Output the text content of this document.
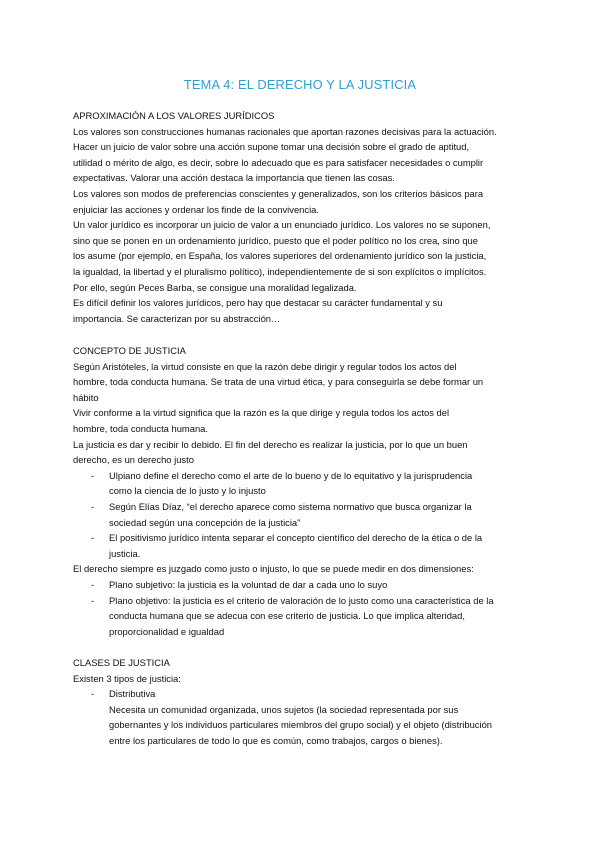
TEMA 4: EL DERECHO Y LA JUSTICIA

APROXIMACIÓN A LOS VALORES JURÍDICOS

Los valores son construcciones humanas racionales que aportan razones decisivas para la actuación.

Hacer un juicio de valor sobre una acción supone tomar una decisión sobre el grado de aptitud,

utilidad o mérito de algo, es decir, sobre lo adecuado que es para satisfacer necesidades o cumplir

expectativas. Valorar una acción destaca la importancia que tienen las cosas.

Los valores son modos de preferencias conscientes y generalizados, son los criterios básicos para

enjuiciar las acciones y ordenar los finde de la convivencia.

Un valor jurídico es incorporar un juicio de valor a un enunciado jurídico. Los valores no se suponen,

sino que se ponen en un ordenamiento jurídico, puesto que el poder político no los crea, sino que

los asume (por ejemplo, en España, los valores superiores del ordenamiento jurídico son la justicia,

la igualdad, la libertad y el pluralismo político), independientemente de si son explícitos o implícitos.

Por ello, según Peces Barba, se consigue una moralidad legalizada.

Es difícil definir los valores jurídicos, pero hay que destacar su carácter fundamental y su

importancia. Se caracterizan por su abstracción…

CONCEPTO DE JUSTICIA

Según Aristóteles, la virtud consiste en que la razón debe dirigir y regular todos los actos del

hombre, toda conducta humana. Se trata de una virtud ética, y para conseguirla se debe formar un

hábito

Vivir conforme a la virtud significa que la razón es la que dirige y regula todos los actos del

hombre, toda conducta humana.

La justicia es dar y recibir lo debido. El fin del derecho es realizar la justicia, por lo que un buen

derecho, es un derecho justo

- Ulpiano define el derecho como el arte de lo bueno y de lo equitativo y la jurisprudencia

como la ciencia de lo justo y lo injusto

- Según Elías Díaz, “el derecho aparece como sistema normativo que busca organizar la

sociedad según una concepción de la justicia”

- El positivismo jurídico intenta separar el concepto científico del derecho de la ética o de la

justicia.

El derecho siempre es juzgado como justo o injusto, lo que se puede medir en dos dimensiones:

- Plano subjetivo: la justicia es la voluntad de dar a cada uno lo suyo

- Plano objetivo: la justicia es el criterio de valoración de lo justo como una característica de la

conducta humana que se adecua con ese criterio de justicia. Lo que implica alteridad,

proporcionalidad e igualdad

CLASES DE JUSTICIA

Existen 3 tipos de justicia:

- Distributiva

Necesita un comunidad organizada, unos sujetos (la sociedad representada por sus

gobernantes y los individuos particulares miembros del grupo social) y el objeto (distribución

entre los particulares de todo lo que es común, como trabajos, cargos o bienes).
